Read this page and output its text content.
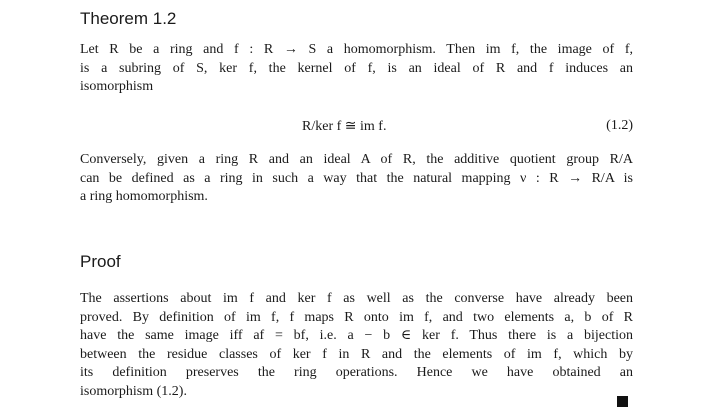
Theorem 1.2
Let R be a ring and f : R → S a homomorphism. Then im f, the image of f,
is a subring of S, ker f, the kernel of f, is an ideal of R and f induces an
isomorphism
R/ker f ≅ im f.	(1.2)
Conversely, given a ring R and an ideal A of R, the additive quotient group R/A
can be defined as a ring in such a way that the natural mapping ν : R → R/A is
a ring homomorphism.
Proof
The assertions about im f and ker f as well as the converse have already been
proved. By definition of im f, f maps R onto im f, and two elements a, b of R
have the same image iff af = bf, i.e. a − b ∈ ker f. Thus there is a bijection
between the residue classes of ker f in R and the elements of im f, which by
its definition preserves the ring operations. Hence we have obtained an
isomorphism (1.2).
